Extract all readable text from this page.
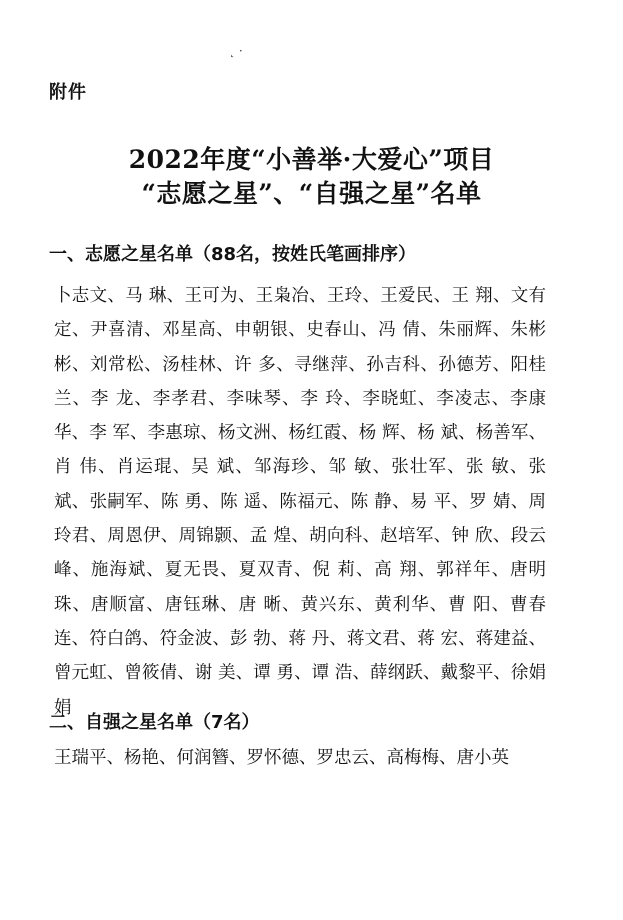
˛ ·
附件
2022年度“小善举·大爱心”项目
“志愿之星”、“自强之星”名单
一、志愿之星名单（88名，按姓氏笔画排序）
卜志文、马 琳、王可为、王枭冶、王玲、王爱民、王 翔、文有定、尹喜清、邓星高、申朝银、史春山、冯 倩、朱丽辉、朱彬彬、刘常松、汤桂林、许 多、寻继萍、孙吉科、孙德芳、阳桂兰、李 龙、李孝君、李味琴、李 玲、李晓虹、李凌志、李康华、李 军、李惠琼、杨文洲、杨红霞、杨 辉、杨 斌、杨善军、肖 伟、肖运琨、吴 斌、邹海珍、邹 敏、张壮军、张 敏、张 斌、张嗣军、陈 勇、陈 遥、陈福元、陈 静、易 平、罗 婧、周玲君、周恩伊、周锦颢、孟 煌、胡向科、赵培军、钟 欣、段云峰、施海斌、夏无畏、夏双青、倪 莉、高 翔、郭祥年、唐明珠、唐顺富、唐钰琳、唐 晰、黄兴东、黄利华、曹 阳、曹春连、符白鸽、符金波、彭 勃、蒋 丹、蒋文君、蒋 宏、蒋建益、曾元虹、曾筱倩、谢 美、谭 勇、谭 浩、薛纲跃、戴黎平、徐娟娟
二、自强之星名单（7名）
王瑞平、杨艳、何润簪、罗怀德、罗忠云、高梅梅、唐小英
